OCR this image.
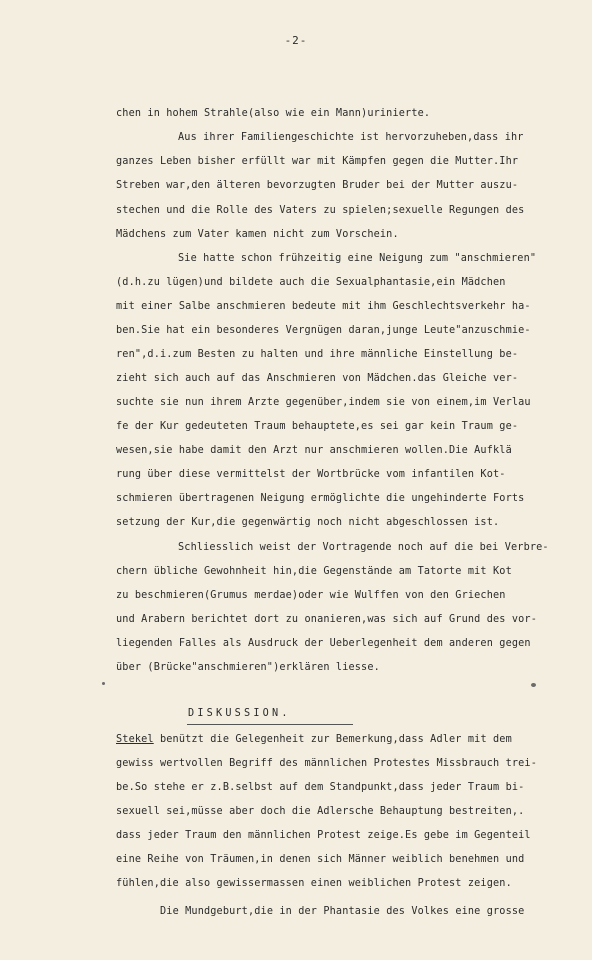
-2-
chen in hohem Strahle(also wie ein Mann)urinierte.
Aus ihrer Familiengeschichte ist hervorzuheben,dass ihr
ganzes Leben bisher erfüllt war mit Kämpfen gegen die Mutter.Ihr
Streben war,den älteren bevorzugten Bruder bei der Mutter auszu-
stechen und die Rolle des Vaters zu spielen;sexuelle Regungen des
Mädchens zum Vater kamen nicht zum Vorschein.
Sie hatte schon frühzeitig eine Neigung zum "anschmieren"
(d.h.zu lügen)und bildete auch die Sexualphantasie,ein Mädchen
mit einer Salbe anschmieren bedeute mit ihm Geschlechtsverkehr ha-
ben.Sie hat ein besonderes Vergnügen daran,junge Leute"anzuschmie-
ren",d.i.zum Besten zu halten und ihre männliche Einstellung be-
zieht sich auch auf das Anschmieren von Mädchen.das Gleiche ver-
suchte sie nun ihrem Arzte gegenüber,indem sie von einem,im Verlau
fe der Kur gedeuteten Traum behauptete,es sei gar kein Traum ge-
wesen,sie habe damit den Arzt nur anschmieren wollen.Die Aufklä
rung über diese vermittelst der Wortbrücke vom infantilen Kot-
schmieren übertragenen Neigung ermöglichte die ungehinderte Forts
setzung der Kur,die gegenwärtig noch nicht abgeschlossen ist.
Schliesslich weist der Vortragende noch auf die bei Verbre-
chern übliche Gewohnheit hin,die Gegenstände am Tatorte mit Kot
zu beschmieren(Grumus merdae)oder wie Wulffen von den Griechen
und Arabern berichtet dort zu onanieren,was sich auf Grund des vor-
liegenden Falles als Ausdruck der Ueberlegenheit dem anderen gegen
über (Brücke"anschmieren")erklären liesse.
DISKUSSION.
Stekel benützt die Gelegenheit zur Bemerkung,dass Adler mit dem
gewiss wertvollen Begriff des männlichen Protestes Missbrauch trei-
be.So stehe er z.B.selbst auf dem Standpunkt,dass jeder Traum bi-
sexuell sei,müsse aber doch die Adlersche Behauptung bestreiten,.
dass jeder Traum den männlichen Protest zeige.Es gebe im Gegenteil
eine Reihe von Träumen,in denen sich Männer weiblich benehmen und
fühlen,die also gewissermassen einen weiblichen Protest zeigen.
Die Mundgeburt,die in der Phantasie des Volkes eine grosse
